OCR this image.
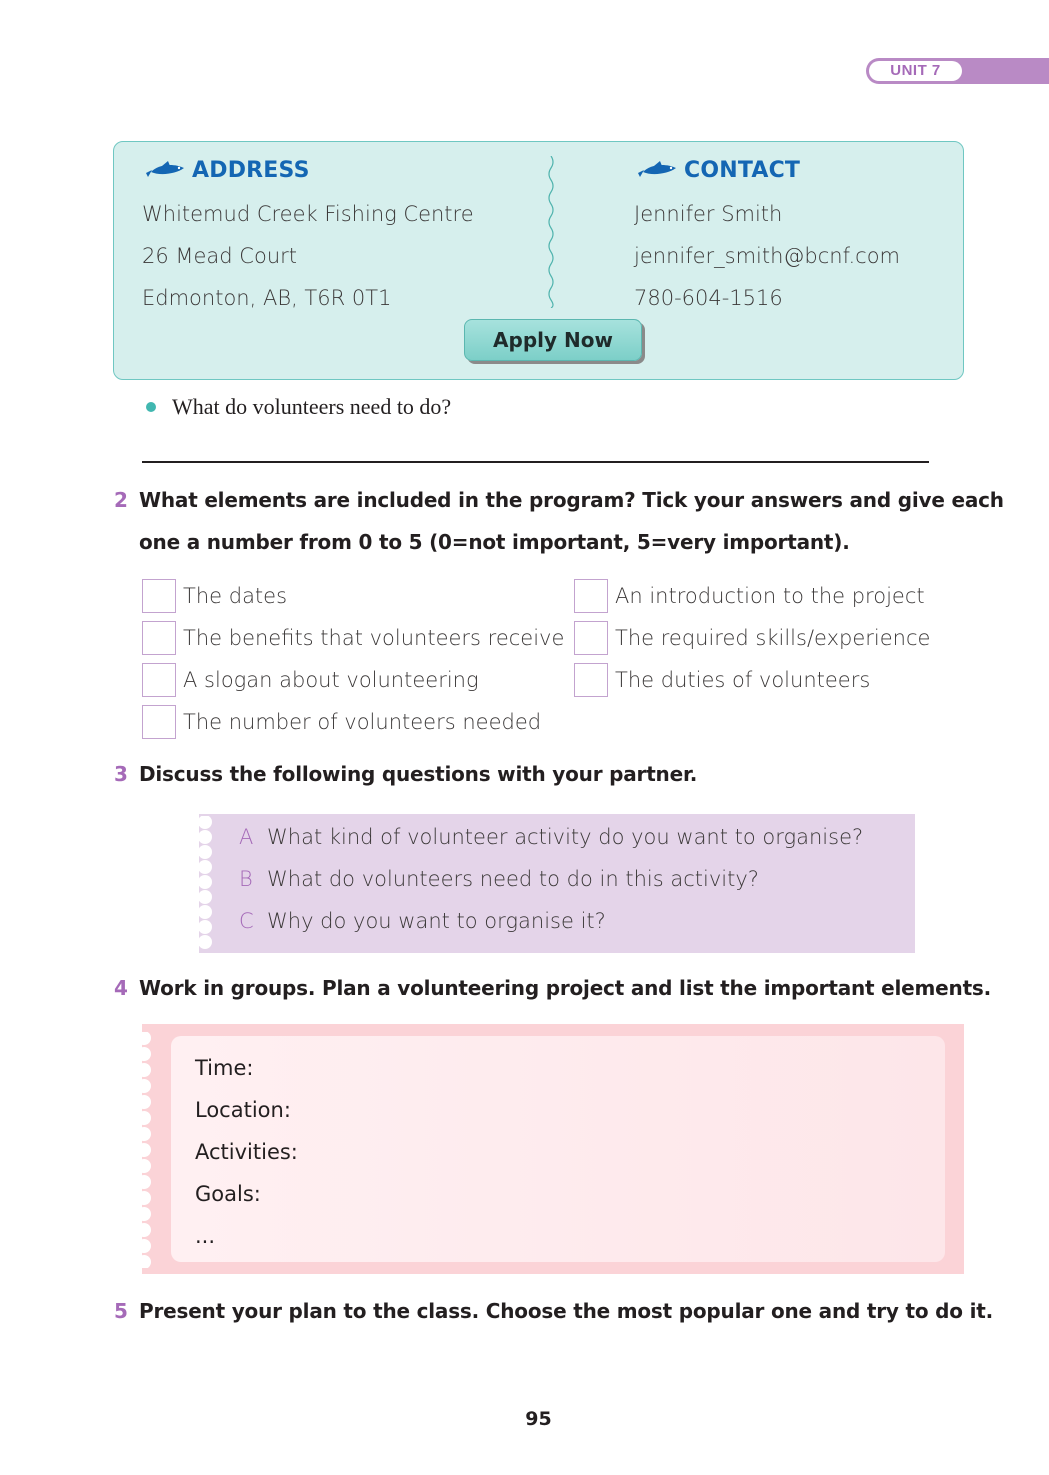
UNIT 7
ADDRESS
Whitemud Creek Fishing Centre
26 Mead Court
Edmonton, AB, T6R 0T1
CONTACT
Jennifer Smith
jennifer_smith@bcnf.com
780-604-1516
Apply Now
What do volunteers need to do?
2 What elements are included in the program? Tick your answers and give each
one a number from 0 to 5 (0=not important, 5=very important).
The dates
The benefits that volunteers receive
A slogan about volunteering
The number of volunteers needed
An introduction to the project
The required skills/experience
The duties of volunteers
3 Discuss the following questions with your partner.
A What kind of volunteer activity do you want to organise?
B What do volunteers need to do in this activity?
C Why do you want to organise it?
4 Work in groups. Plan a volunteering project and list the important elements.
Time:
Location:
Activities:
Goals:
...
5 Present your plan to the class. Choose the most popular one and try to do it.
95
